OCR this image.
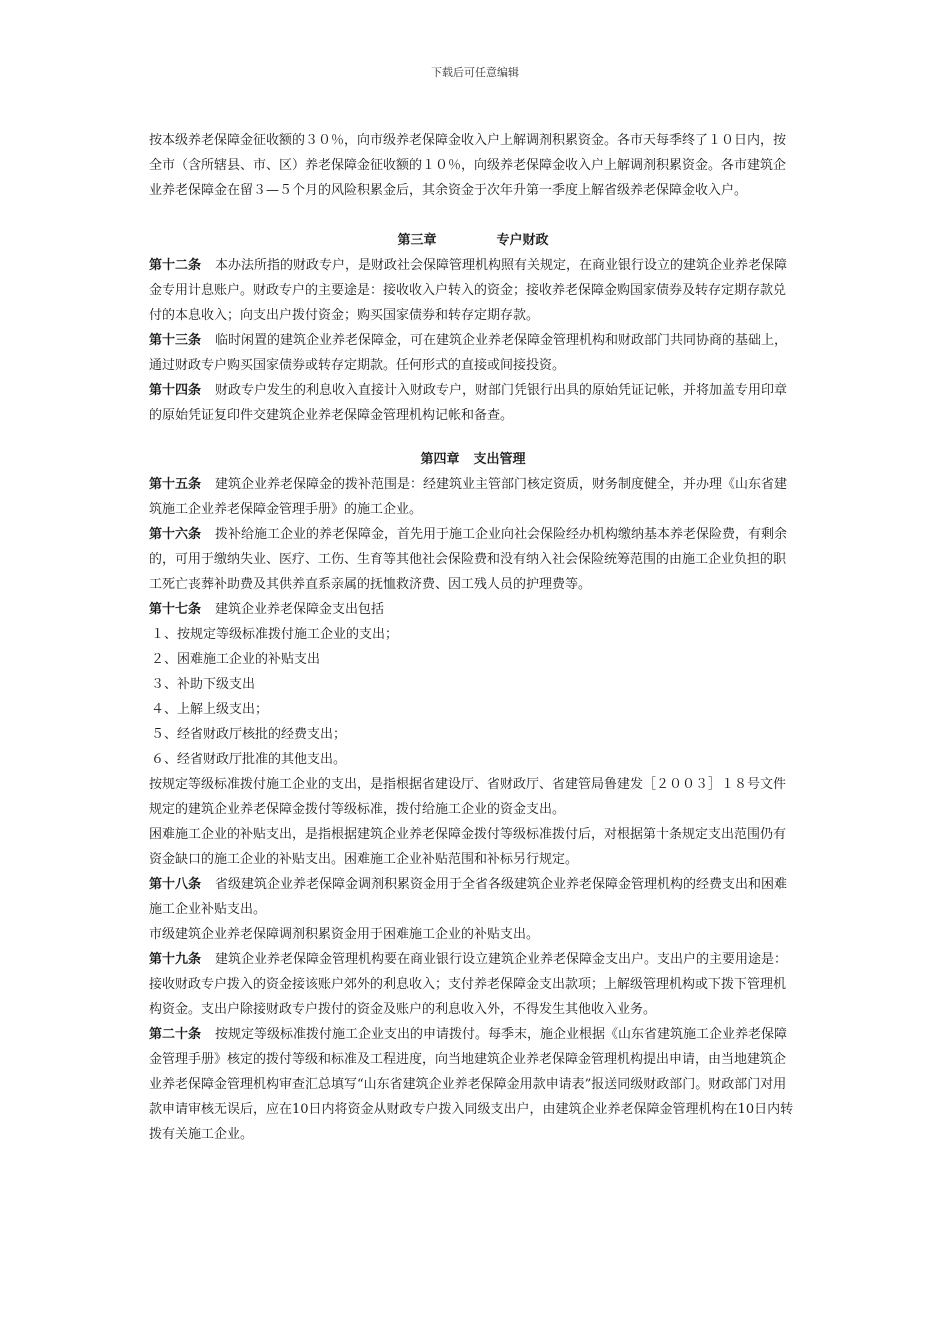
下载后可任意编辑

按本级养老保障金征收额的３０％，向市级养老保障金收入户上解调剂积累资金。各市天每季终了１０日内，按全市（含所辖县、市、区）养老保障金征收额的１０％，向级养老保障金收入户上解调剂积累资金。各市建筑企业养老保障金在留３—５个月的风险积累金后，其余资金于次年升第一季度上解省级养老保障金收入户。

第三章	专户财政

第十二条 本办法所指的财政专户，是财政社会保障管理机构照有关规定，在商业银行设立的建筑企业养老保障金专用计息账户。财政专户的主要途是：接收收入户转入的资金；接收养老保障金购国家债券及转存定期存款兑付的本息收入；向支出户拨付资金；购买国家债券和转存定期存款。

第十三条 临时闲置的建筑企业养老保障金，可在建筑企业养老保障金管理机构和财政部门共同协商的基础上，通过财政专户购买国家债券或转存定期款。任何形式的直接或间接投资。

第十四条 财政专户发生的利息收入直接计入财政专户，财部门凭银行出具的原始凭证记帐，并将加盖专用印章的原始凭证复印件交建筑企业养老保障金管理机构记帐和备查。

第四章 支出管理

第十五条 建筑企业养老保障金的拨补范围是：经建筑业主管部门核定资质，财务制度健全，并办理《山东省建筑施工企业养老保障金管理手册》的施工企业。

第十六条 拨补给施工企业的养老保障金，首先用于施工企业向社会保险经办机构缴纳基本养老保险费，有剩余的，可用于缴纳失业、医疗、工伤、生育等其他社会保险费和没有纳入社会保险统筹范围的由施工企业负担的职工死亡丧葬补助费及其供养直系亲属的抚恤救济费、因工残人员的护理费等。

第十七条 建筑企业养老保障金支出包括

１、按规定等级标准拨付施工企业的支出；

２、困难施工企业的补贴支出

３、补助下级支出

４、上解上级支出；

５、经省财政厅核批的经费支出；

６、经省财政厅批准的其他支出。

按规定等级标准拨付施工企业的支出，是指根据省建设厅、省财政厅、省建管局鲁建发［２００３］１８号文件规定的建筑企业养老保障金拨付等级标准，拨付给施工企业的资金支出。

困难施工企业的补贴支出，是指根据建筑企业养老保障金拨付等级标准拨付后，对根据第十条规定支出范围仍有资金缺口的施工企业的补贴支出。困难施工企业补贴范围和补标另行规定。

第十八条 省级建筑企业养老保障金调剂积累资金用于全省各级建筑企业养老保障金管理机构的经费支出和困难施工企业补贴支出。

市级建筑企业养老保障调剂积累资金用于困难施工企业的补贴支出。

第十九条 建筑企业养老保障金管理机构要在商业银行设立建筑企业养老保障金支出户。支出户的主要用途是：接收财政专户拨入的资金接该账户郊外的利息收入；支付养老保障金支出款项；上解级管理机构或下拨下管理机构资金。支出户除接财政专户拨付的资金及账户的利息收入外，不得发生其他收入业务。

第二十条 按规定等级标准拨付施工企业支出的申请拨付。每季末，施企业根据《山东省建筑施工企业养老保障金管理手册》核定的拨付等级和标准及工程进度，向当地建筑企业养老保障金管理机构提出申请，由当地建筑企业养老保障金管理机构审查汇总填写“山东省建筑企业养老保障金用款申请表”报送同级财政部门。财政部门对用款申请审核无误后，应在10日内将资金从财政专户拨入同级支出户，由建筑企业养老保障金管理机构在10日内转拨有关施工企业。
